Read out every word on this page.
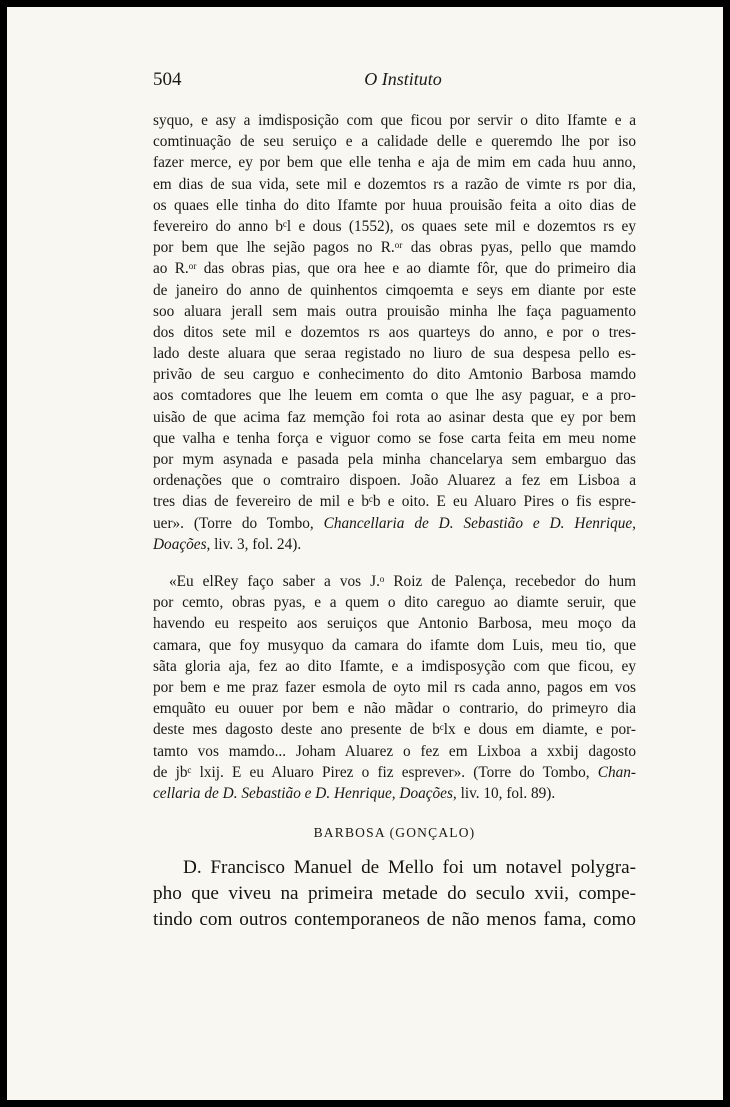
504	O Instituto
syquo, e asy a imdisposição com que ficou por servir o dito Ifamte e a
comtinuação de seu seruiço e a calidade delle e queremdo lhe por iso
fazer merce, ey por bem que elle tenha e aja de mim em cada huu anno,
em dias de sua vida, sete mil e dozemtos rs a razão de vimte rs por dia,
os quaes elle tinha do dito Ifamte por huua prouisão feita a oito dias de
fevereiro do anno bᶜl e dous (1552), os quaes sete mil e dozemtos rs ey
por bem que lhe sejão pagos no R.ᵒʳ das obras pyas, pello que mamdo
ao R.ᵒʳ das obras pias, que ora hee e ao diamte fôr, que do primeiro dia
de janeiro do anno de quinhentos cimqoemta e seys em diante por este
soo aluara jerall sem mais outra prouisão minha lhe faça paguamento
dos ditos sete mil e dozemtos rs aos quarteys do anno, e por o tres-
lado deste aluara que seraa registado no liuro de sua despesa pello es-
privão de seu carguo e conhecimento do dito Amtonio Barbosa mamdo
aos comtadores que lhe leuem em comta o que lhe asy paguar, e a pro-
uisão de que acima faz memção foi rota ao asinar desta que ey por bem
que valha e tenha força e viguor como se fose carta feita em meu nome
por mym asynada e pasada pela minha chancelarya sem embarguo das
ordenações que o comtrairo dispoen. João Aluarez a fez em Lisboa a
tres dias de fevereiro de mil e bᶜb e oito. E eu Aluaro Pires o fis espre-
uer». (Torre do Tombo, Chancellaria de D. Sebastião e D. Henrique,
Doações, liv. 3, fol. 24).
«Eu elRey faço saber a vos J.ᵒ Roiz de Palença, recebedor do hum
por cemto, obras pyas, e a quem o dito careguo ao diamte seruir, que
havendo eu respeito aos seruiços que Antonio Barbosa, meu moço da
camara, que foy musyquo da camara do ifamte dom Luis, meu tio, que
sãta gloria aja, fez ao dito Ifamte, e a imdisposyção com que ficou, ey
por bem e me praz fazer esmola de oyto mil rs cada anno, pagos em vos
emquãto eu ouuer por bem e não mãdar o contrario, do primeyro dia
deste mes dagosto deste ano presente de bᶜlx e dous em diamte, e por-
tamto vos mamdo... Joham Aluarez o fez em Lixboa a xxbij dagosto
de jbᶜ lxij. E eu Aluaro Pirez o fiz esprever». (Torre do Tombo, Chan-
cellaria de D. Sebastião e D. Henrique, Doações, liv. 10, fol. 89).
BARBOSA (GONÇALO)
D. Francisco Manuel de Mello foi um notavel polygra-
pho que viveu na primeira metade do seculo xvii, compe-
tindo com outros contemporaneos de não menos fama, como
